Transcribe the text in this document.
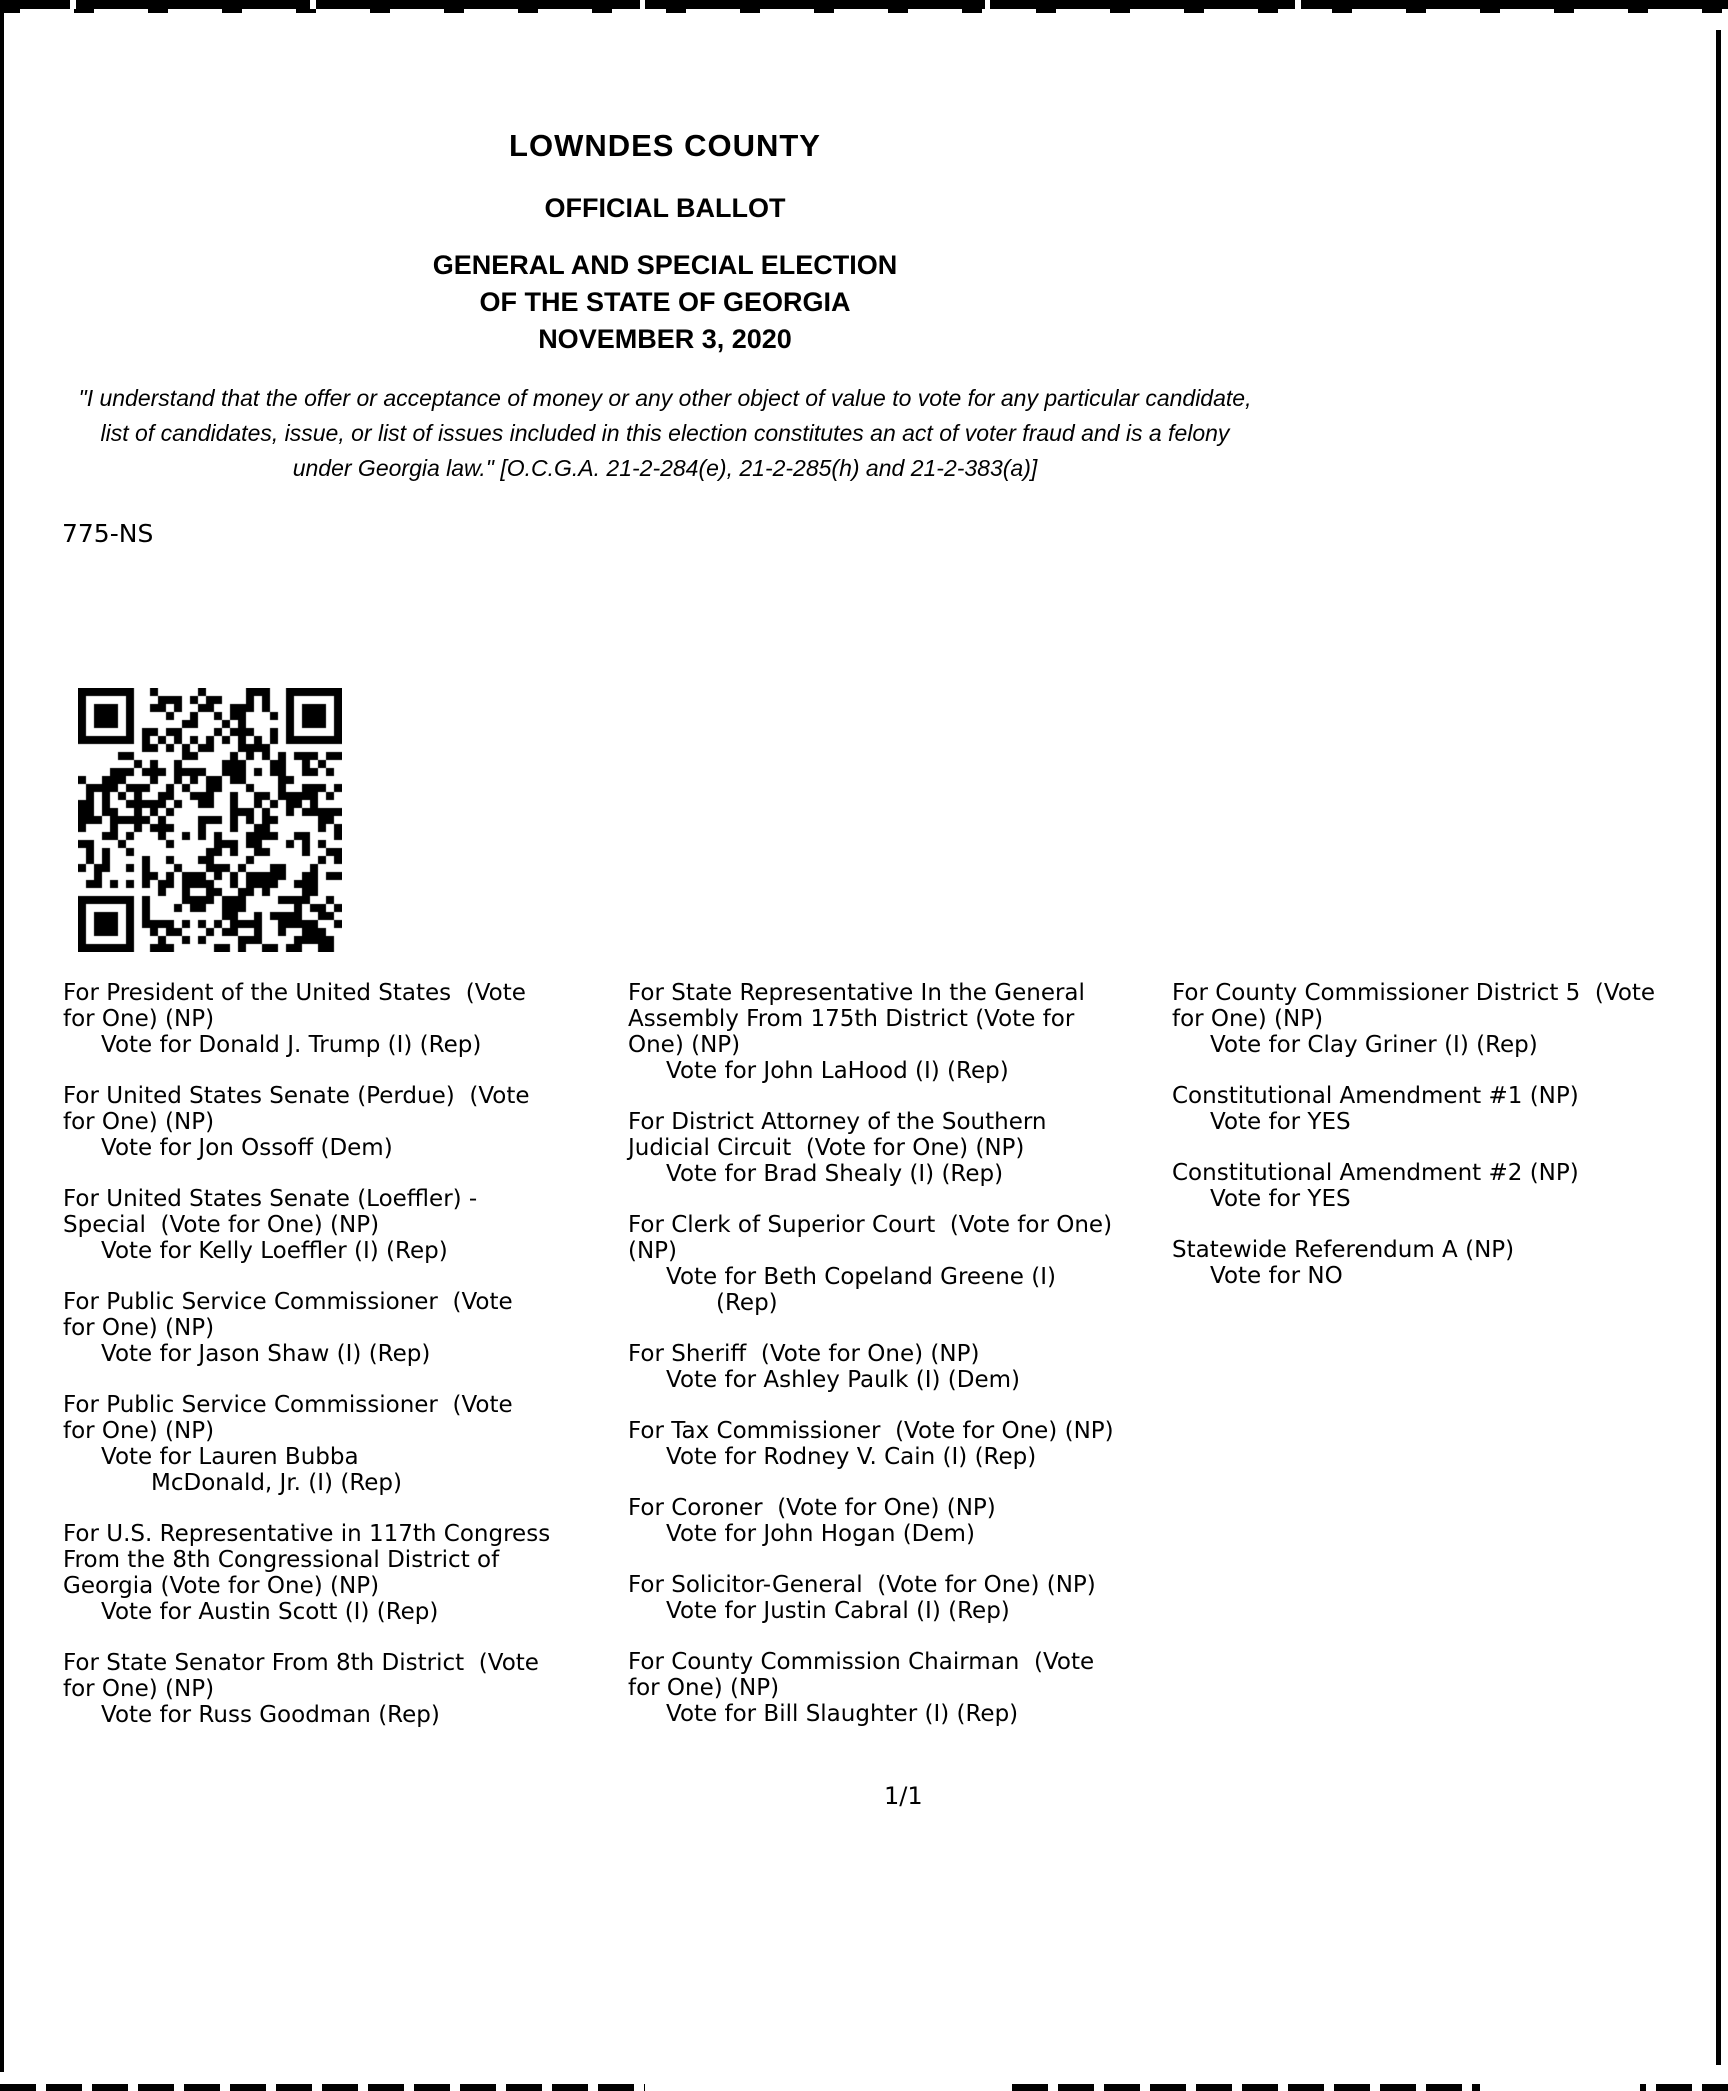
LOWNDES COUNTY
OFFICIAL BALLOT
GENERAL AND SPECIAL ELECTION
OF THE STATE OF GEORGIA
NOVEMBER 3, 2020
"I understand that the offer or acceptance of money or any other object of value to vote for any particular candidate,
list of candidates, issue, or list of issues included in this election constitutes an act of voter fraud and is a felony
under Georgia law." [O.C.G.A. 21-2-284(e), 21-2-285(h) and 21-2-383(a)]
775-NS
For President of the United States  (Vote
for One) (NP)
Vote for Donald J. Trump (I) (Rep)
For United States Senate (Perdue)  (Vote
for One) (NP)
Vote for Jon Ossoff (Dem)
For United States Senate (Loeffler) -
Special  (Vote for One) (NP)
Vote for Kelly Loeffler (I) (Rep)
For Public Service Commissioner  (Vote
for One) (NP)
Vote for Jason Shaw (I) (Rep)
For Public Service Commissioner  (Vote
for One) (NP)
Vote for Lauren Bubba
McDonald, Jr. (I) (Rep)
For U.S. Representative in 117th Congress
From the 8th Congressional District of
Georgia (Vote for One) (NP)
Vote for Austin Scott (I) (Rep)
For State Senator From 8th District  (Vote
for One) (NP)
Vote for Russ Goodman (Rep)
For State Representative In the General
Assembly From 175th District (Vote for
One) (NP)
Vote for John LaHood (I) (Rep)
For District Attorney of the Southern
Judicial Circuit  (Vote for One) (NP)
Vote for Brad Shealy (I) (Rep)
For Clerk of Superior Court  (Vote for One)
(NP)
Vote for Beth Copeland Greene (I)
(Rep)
For Sheriff  (Vote for One) (NP)
Vote for Ashley Paulk (I) (Dem)
For Tax Commissioner  (Vote for One) (NP)
Vote for Rodney V. Cain (I) (Rep)
For Coroner  (Vote for One) (NP)
Vote for John Hogan (Dem)
For Solicitor-General  (Vote for One) (NP)
Vote for Justin Cabral (I) (Rep)
For County Commission Chairman  (Vote
for One) (NP)
Vote for Bill Slaughter (I) (Rep)
For County Commissioner District 5  (Vote
for One) (NP)
Vote for Clay Griner (I) (Rep)
Constitutional Amendment #1 (NP)
Vote for YES
Constitutional Amendment #2 (NP)
Vote for YES
Statewide Referendum A (NP)
Vote for NO
1/1
